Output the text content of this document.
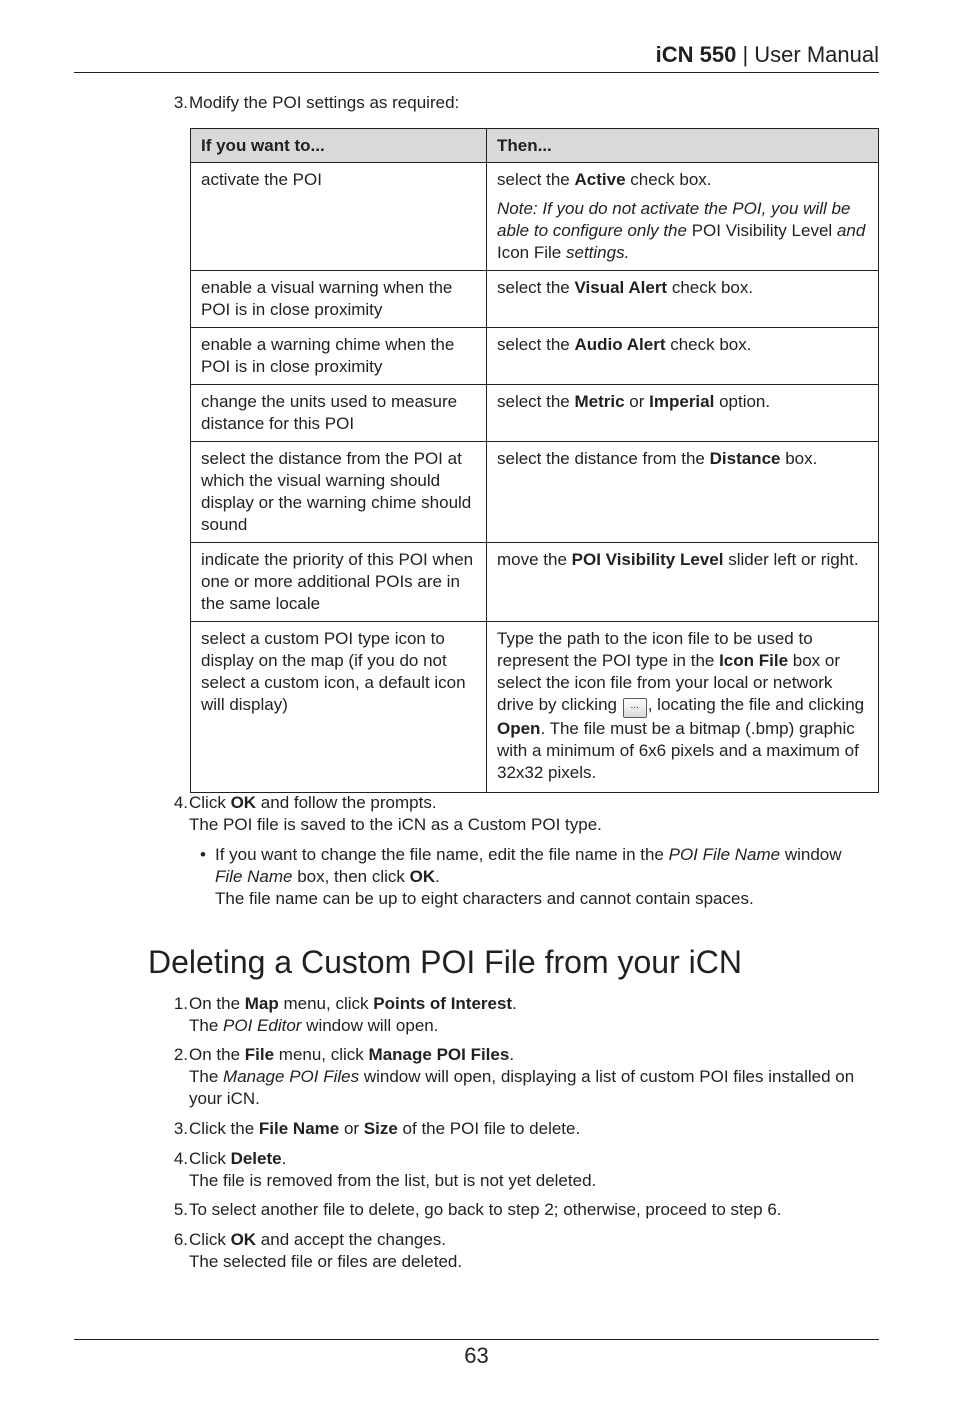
iCN 550 | User Manual
3. Modify the POI settings as required:
If you want to...	Then...
activate the POI	select the Active check box.

Note: If you do not activate the POI, you will be able to configure only the POI Visibility Level and Icon File settings.

enable a visual warning when the POI is in close proximity	select the Visual Alert check box.
enable a warning chime when the POI is in close proximity	select the Audio Alert check box.
change the units used to measure distance for this POI	select the Metric or Imperial option.
select the distance from the POI at which the visual warning should display or the warning chime should sound	select the distance from the Distance box.
indicate the priority of this POI when one or more additional POIs are in the same locale	move the POI Visibility Level slider left or right.
select a custom POI type icon to display on the map (if you do not select a custom icon, a default icon will display)	Type the path to the icon file to be used to represent the POI type in the Icon File box or select the icon file from your local or network drive by clicking ... , locating the file and clicking Open. The file must be a bitmap (.bmp) graphic with a minimum of 6x6 pixels and a maximum of 32x32 pixels.
4. Click OK and follow the prompts.

The POI file is saved to the iCN as a Custom POI type.

• If you want to change the file name, edit the file name in the POI File Name window
File Name box, then click OK.
The file name can be up to eight characters and cannot contain spaces.
Deleting a Custom POI File from your iCN
1. On the Map menu, click Points of Interest.

The POI Editor window will open.

2. On the File menu, click Manage POI Files.

The Manage POI Files window will open, displaying a list of custom POI files installed on your iCN.

3. Click the File Name or Size of the POI file to delete.

4. Click Delete.

The file is removed from the list, but is not yet deleted.

5. To select another file to delete, go back to step 2; otherwise, proceed to step 6.

6. Click OK and accept the changes.

The selected file or files are deleted.

63
